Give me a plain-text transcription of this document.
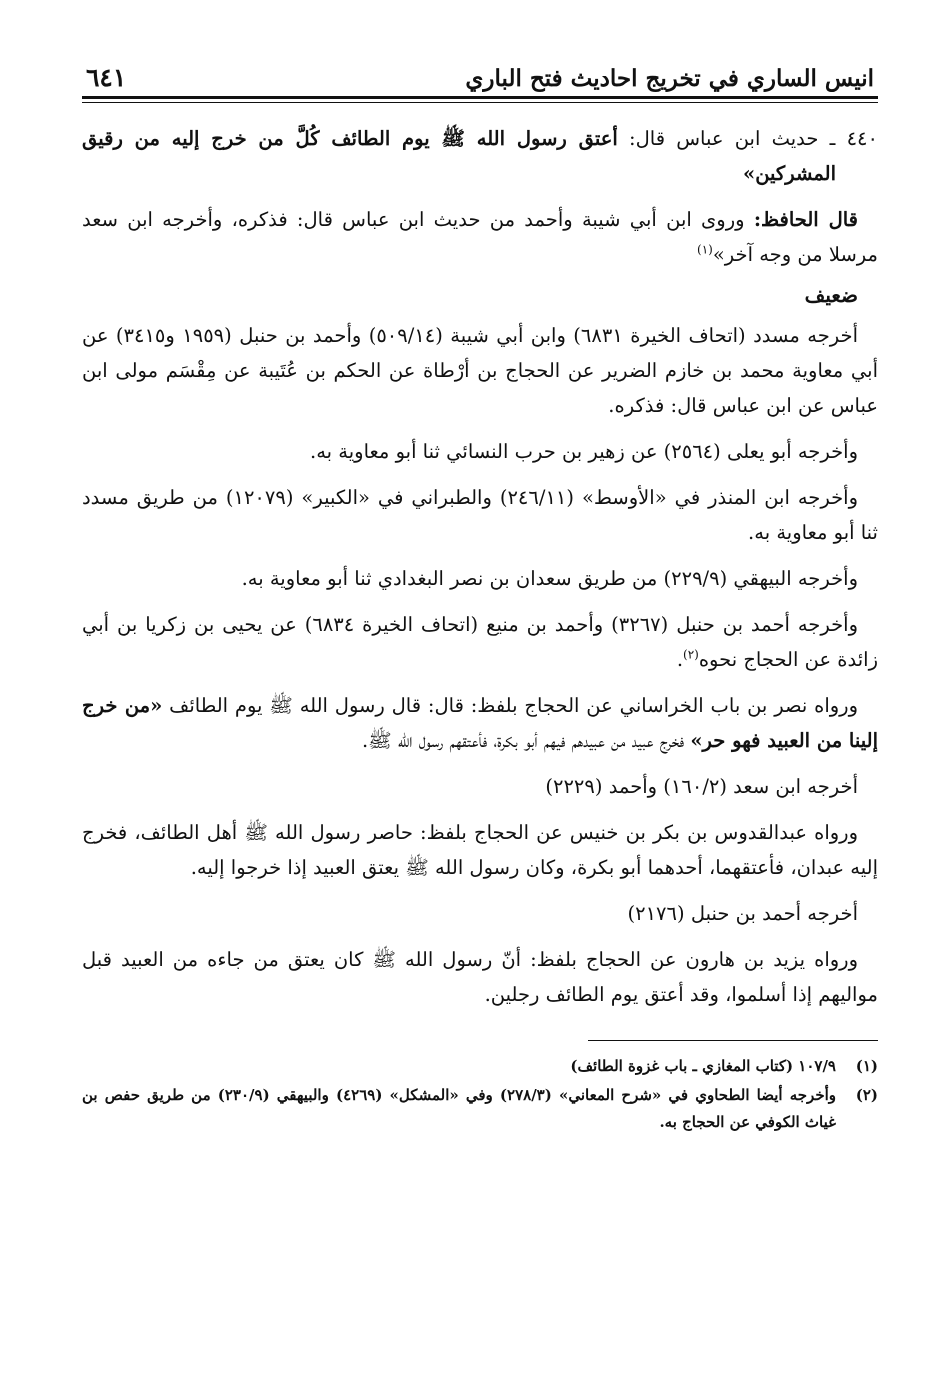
انيس الساري في تخريج احاديث فتح الباري
٦٤١

٤٤٠ ـ حديث ابن عباس قال: أعتق رسول الله ﷺ يوم الطائف كُلَّ من خرج إليه من رقيق المشركين»

قال الحافظ: وروى ابن أبي شيبة وأحمد من حديث ابن عباس قال: فذكره، وأخرجه ابن سعد مرسلا من وجه آخر»$^{(١)}$

ضعيف

أخرجه مسدد (اتحاف الخيرة ٦٨٣١) وابن أبي شيبة (٥٠٩/١٤) وأحمد بن حنبل (١٩٥٩ و٣٤١٥) عن أبي معاوية محمد بن خازم الضرير عن الحجاج بن أرْطاة عن الحكم بن عُتَيبة عن مِقْسَم مولى ابن عباس عن ابن عباس قال: فذكره.

وأخرجه أبو يعلى (٢٥٦٤) عن زهير بن حرب النسائي ثنا أبو معاوية به.

وأخرجه ابن المنذر في «الأوسط» (٢٤٦/١١) والطبراني في «الكبير» (١٢٠٧٩) من طريق مسدد ثنا أبو معاوية به.

وأخرجه البيهقي (٢٢٩/٩) من طريق سعدان بن نصر البغدادي ثنا أبو معاوية به.

وأخرجه أحمد بن حنبل (٣٢٦٧) وأحمد بن منيع (اتحاف الخيرة ٦٨٣٤) عن يحيى بن زكريا بن أبي زائدة عن الحجاج نحوه$^{(٢)}$.

ورواه نصر بن باب الخراساني عن الحجاج بلفظ: قال: قال رسول الله ﷺ يوم الطائف «من خرج إلينا من العبيد فهو حر» فخرج عبيد من عبيدهم فيهم أبو بكرة، فأعتقهم رسول الله ﷺ.

أخرجه ابن سعد (١٦٠/٢) وأحمد (٢٢٢٩)

ورواه عبدالقدوس بن بكر بن خنيس عن الحجاج بلفظ: حاصر رسول الله ﷺ أهل الطائف، فخرج إليه عبدان، فأعتقهما، أحدهما أبو بكرة، وكان رسول الله ﷺ يعتق العبيد إذا خرجوا إليه.

أخرجه أحمد بن حنبل (٢١٧٦)

ورواه يزيد بن هارون عن الحجاج بلفظ: أنّ رسول الله ﷺ كان يعتق من جاءه من العبيد قبل مواليهم إذا أسلموا، وقد أعتق يوم الطائف رجلين.

(١)
١٠٧/٩ (كتاب المغازي ـ باب غزوة الطائف)
(٢)
وأخرجه أيضا الطحاوي في «شرح المعاني» (٢٧٨/٣) وفي «المشكل» (٤٢٦٩) والبيهقي (٢٣٠/٩) من طريق حفص بن غياث الكوفي عن الحجاج به.
